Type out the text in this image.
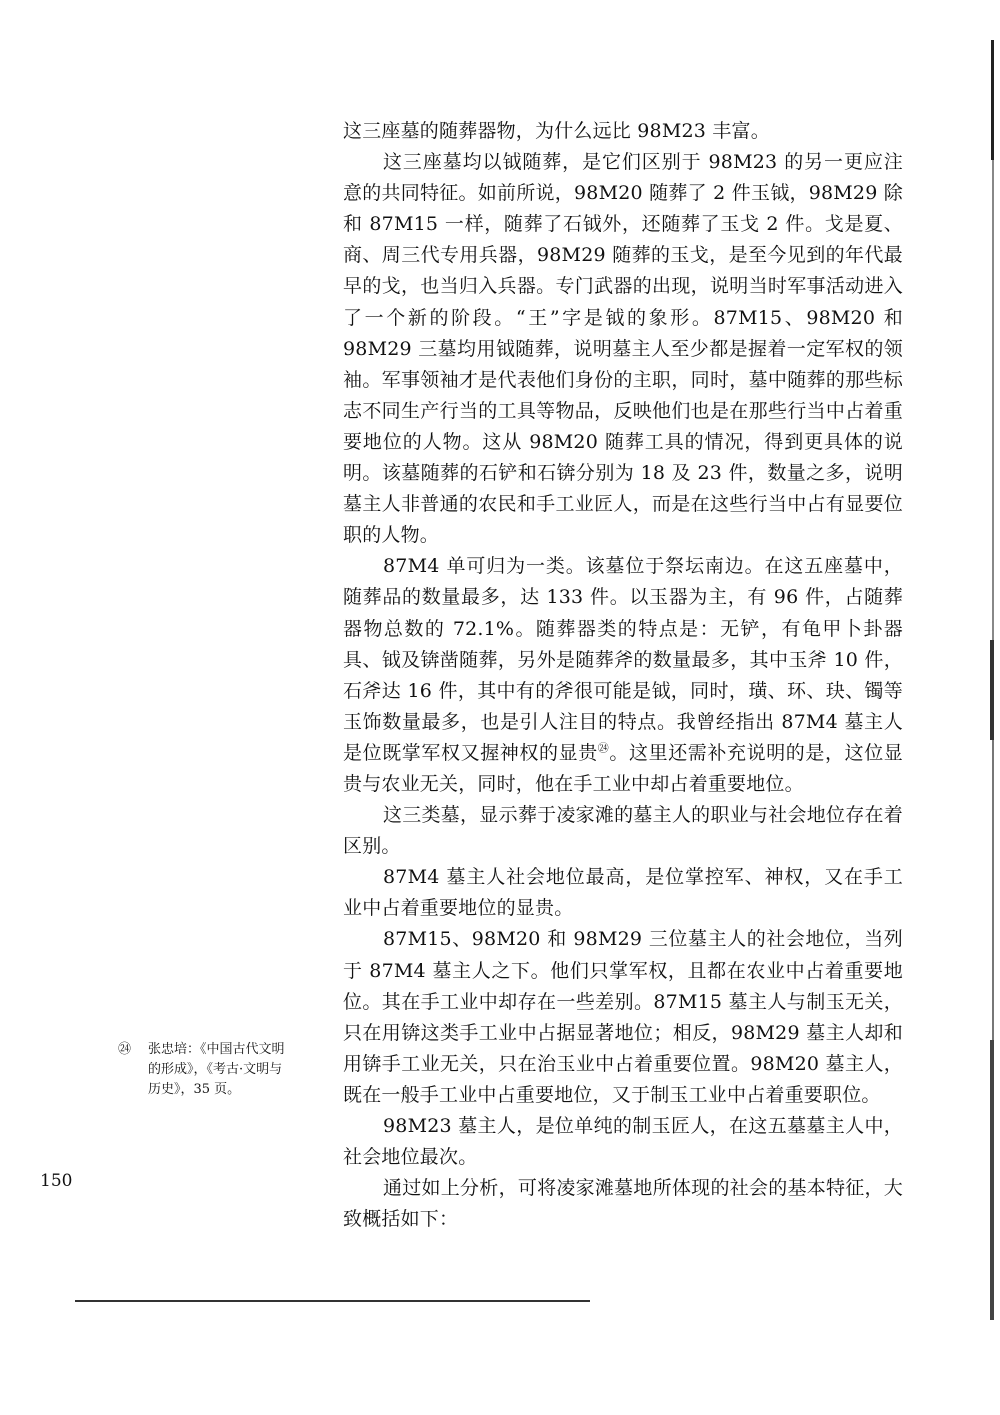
这三座墓的随葬器物，为什么远比 98M23 丰富。

这三座墓均以钺随葬，是它们区别于 98M23 的另一更应注意的共同特征。如前所说，98M20 随葬了 2 件玉钺，98M29 除和 87M15 一样，随葬了石钺外，还随葬了玉戈 2 件。戈是夏、商、周三代专用兵器，98M29 随葬的玉戈，是至今见到的年代最早的戈，也当归入兵器。专门武器的出现，说明当时军事活动进入了一个新的阶段。“王”字是钺的象形。87M15、98M20 和 98M29 三墓均用钺随葬，说明墓主人至少都是握着一定军权的领袖。军事领袖才是代表他们身份的主职，同时，墓中随葬的那些标志不同生产行当的工具等物品，反映他们也是在那些行当中占着重要地位的人物。这从 98M20 随葬工具的情况，得到更具体的说明。该墓随葬的石铲和石锛分别为 18 及 23 件，数量之多，说明墓主人非普通的农民和手工业匠人，而是在这些行当中占有显要位职的人物。

87M4 单可归为一类。该墓位于祭坛南边。在这五座墓中，随葬品的数量最多，达 133 件。以玉器为主，有 96 件，占随葬器物总数的 72.1%。随葬器类的特点是：无铲，有龟甲卜卦器具、钺及锛凿随葬，另外是随葬斧的数量最多，其中玉斧 10 件，石斧达 16 件，其中有的斧很可能是钺，同时，璜、环、玦、镯等玉饰数量最多，也是引人注目的特点。我曾经指出 87M4 墓主人是位既掌军权又握神权的显贵$^㉔$。这里还需补充说明的是，这位显贵与农业无关，同时，他在手工业中却占着重要地位。

这三类墓，显示葬于凌家滩的墓主人的职业与社会地位存在着区别。

87M4 墓主人社会地位最高，是位掌控军、神权，又在手工业中占着重要地位的显贵。

87M15、98M20 和 98M29 三位墓主人的社会地位，当列于 87M4 墓主人之下。他们只掌军权，且都在农业中占着重要地位。其在手工业中却存在一些差别。87M15 墓主人与制玉无关，只在用锛这类手工业中占据显著地位；相反，98M29 墓主人却和用锛手工业无关，只在治玉业中占着重要位置。98M20 墓主人，既在一般手工业中占重要地位，又于制玉工业中占着重要职位。

98M23 墓主人，是位单纯的制玉匠人，在这五墓墓主人中，社会地位最次。

通过如上分析，可将凌家滩墓地所体现的社会的基本特征，大致概括如下：

㉔ 张忠培：《中国古代文明
的形成》，《考古·文明与
历史》，35 页。
150
